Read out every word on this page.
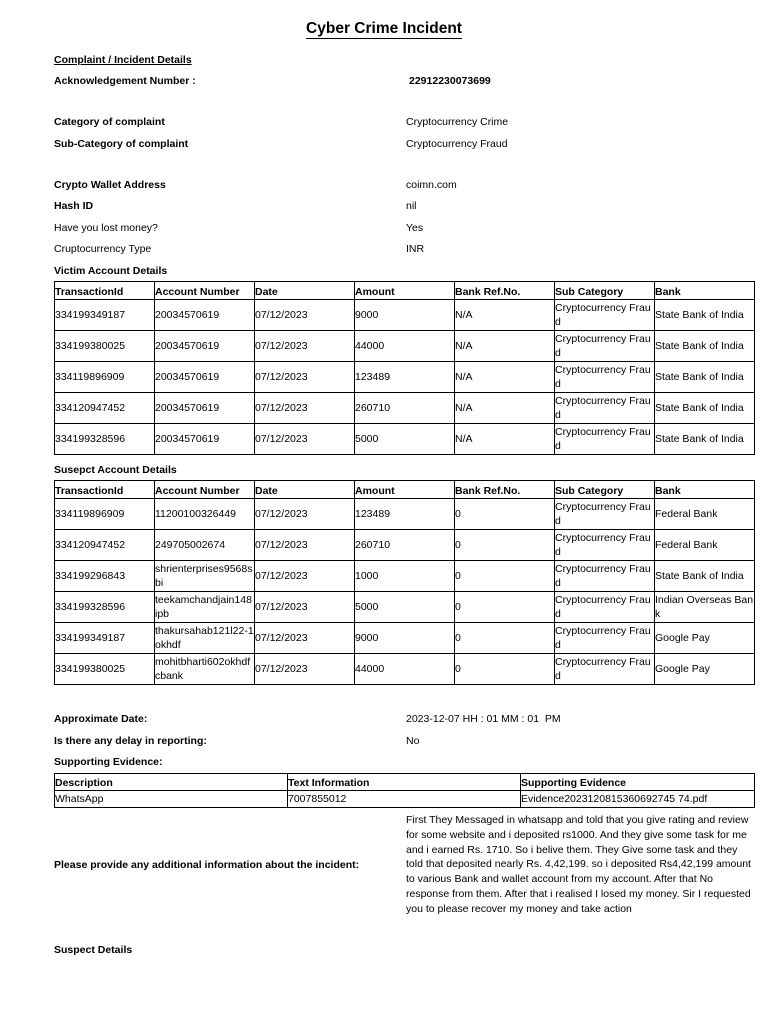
Cyber Crime Incident
Complaint / Incident Details
Acknowledgement Number :	22912230073699
Category of complaint	Cryptocurrency Crime
Sub-Category of complaint	Cryptocurrency Fraud
Crypto Wallet Address	coimn.com
Hash ID	nil
Have you lost money?	Yes
Cruptocurrency Type	INR
Victim Account Details
TransactionId	Account Number	Date	Amount	Bank Ref.No.	Sub Category	Bank
334199349187	20034570619	07/12/2023	9000	N/A	Cryptocurrency Fraud	State Bank of India
334199380025	20034570619	07/12/2023	44000	N/A	Cryptocurrency Fraud	State Bank of India
334119896909	20034570619	07/12/2023	123489	N/A	Cryptocurrency Fraud	State Bank of India
334120947452	20034570619	07/12/2023	260710	N/A	Cryptocurrency Fraud	State Bank of India
334199328596	20034570619	07/12/2023	5000	N/A	Cryptocurrency Fraud	State Bank of India
Susepct Account Details
TransactionId	Account Number	Date	Amount	Bank Ref.No.	Sub Category	Bank
334119896909	11200100326449	07/12/2023	123489	0	Cryptocurrency Fraud	Federal Bank
334120947452	249705002674	07/12/2023	260710	0	Cryptocurrency Fraud	Federal Bank
334199296843	shrienterprises9568sbi	07/12/2023	1000	0	Cryptocurrency Fraud	State Bank of India
334199328596	teekamchandjain148ipb	07/12/2023	5000	0	Cryptocurrency Fraud	Indian Overseas Bank
334199349187	thakursahab121l22-1okhdf	07/12/2023	9000	0	Cryptocurrency Fraud	Google Pay
334199380025	mohitbharti602okhdfcbank	07/12/2023	44000	0	Cryptocurrency Fraud	Google Pay
Approximate Date:	2023-12-07 HH : 01 MM : 01  PM
Is there any delay in reporting:	No
Supporting Evidence:
Description	Text Information	Supporting Evidence
WhatsApp	7007855012	Evidence2023120815360692745 74.pdf
Please provide any additional information about the incident:
First They Messaged in whatsapp and told that you give rating and review for some website and i deposited rs1000. And they give some task for me and i earned Rs. 1710. So i belive them. They Give some task and they told that deposited nearly Rs. 4,42,199. so i deposited Rs4,42,199 amount to various Bank and wallet account from my account. After that No response from them. After that i realised I losed my money. Sir I requested you to please recover my money and take action
Suspect Details
